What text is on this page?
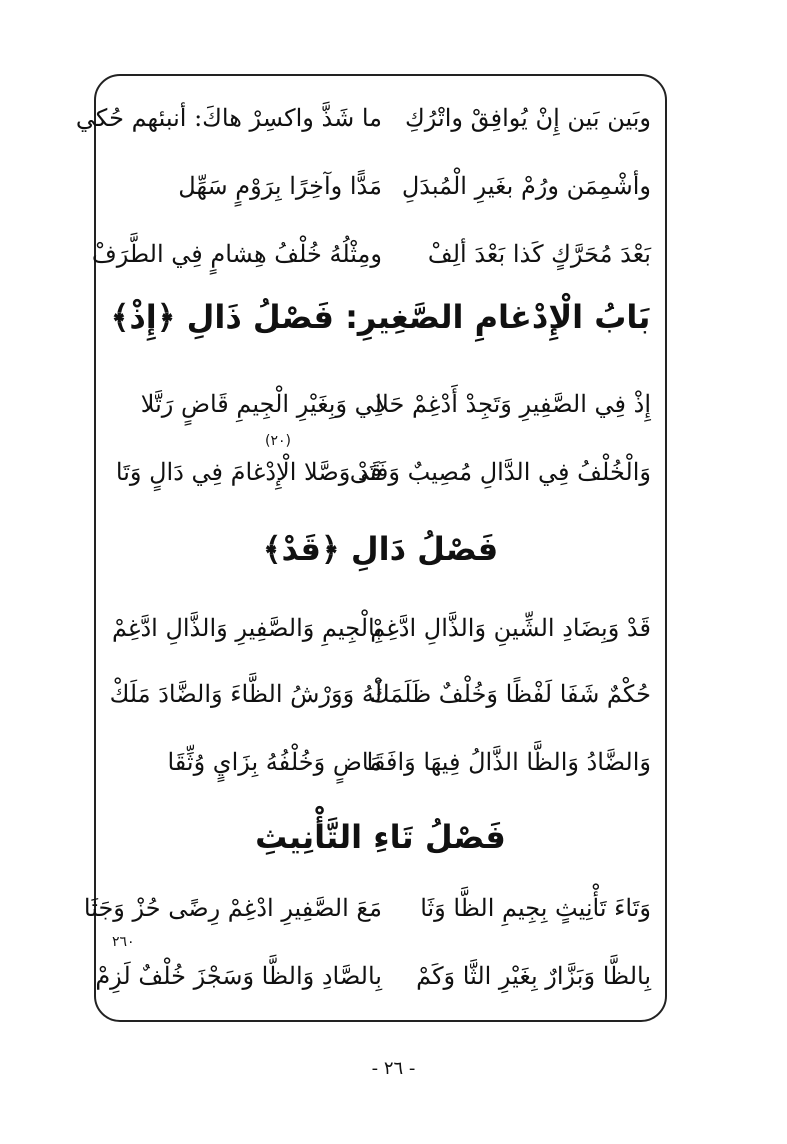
وبَين بَين إِنْ يُوافِقْ واتْرُكِ
ما شَذَّ واكسِرْ هاكَ: أنبئهم حُكي
وأشْمِمَن ورُمْ بغَيرِ الْمُبدَلِ
مَدًّا وآخِرًا بِرَوْمٍ سَهِّل
بَعْدَ مُحَرَّكٍ كَذا بَعْدَ ألِفْ
ومِثْلُهُ خُلْفُ هِشامٍ فِي الطَّرَفْ
بَابُ الْإِدْغامِ الصَّغِيرِ: فَصْلُ ذَالِ ﴿إِذْ﴾
إِذْ فِي الصَّفِيرِ وَتَجِدْ أَدْغِمْ حَلا
لِي وَبِغَيْرِ الْجِيمِ قَاضٍ رَتَّلا
(٢٠)
وَالْخُلْفُ فِي الدَّالِ مُصِيبٌ وَفَتَى
قَدْ وَصَّلا الْإِدْغامَ فِي دَالٍ وَتَا
فَصْلُ دَالِ ﴿قَدْ﴾
قَدْ وَبِضَادِ الشِّينِ وَالذَّالِ ادَّغِمْ
بِالْجِيمِ وَالصَّفِيرِ وَالذَّالِ ادَّغِمْ
حُكْمٌ شَفَا لَفْظًا وَخُلْفٌ ظَلَمَكْ
لَهُ وَوَرْشُ الظَّاءَ وَالضَّادَ مَلَكْ
وَالضَّادُ وَالظَّا الذَّالُ فِيهَا وَافَقَا
مَاضٍ وَخُلْفُهُ بِزَايٍ وُثِّقَا
فَصْلُ تَاءِ التَّأْنِيثِ
وَتَاءَ تَأْنِيثٍ بِجِيمِ الظَّا وَثَا
مَعَ الصَّفِيرِ ادْغِمْ رِضًى حُزْ وَجَثَا
٢٦٠
بِالظَّا وَبَزَّارٌ بِغَيْرِ الثَّا وَكَمْ
بِالصَّادِ وَالظَّا وَسَجْزَ خُلْفٌ لَزِمْ
- ٢٦ -
